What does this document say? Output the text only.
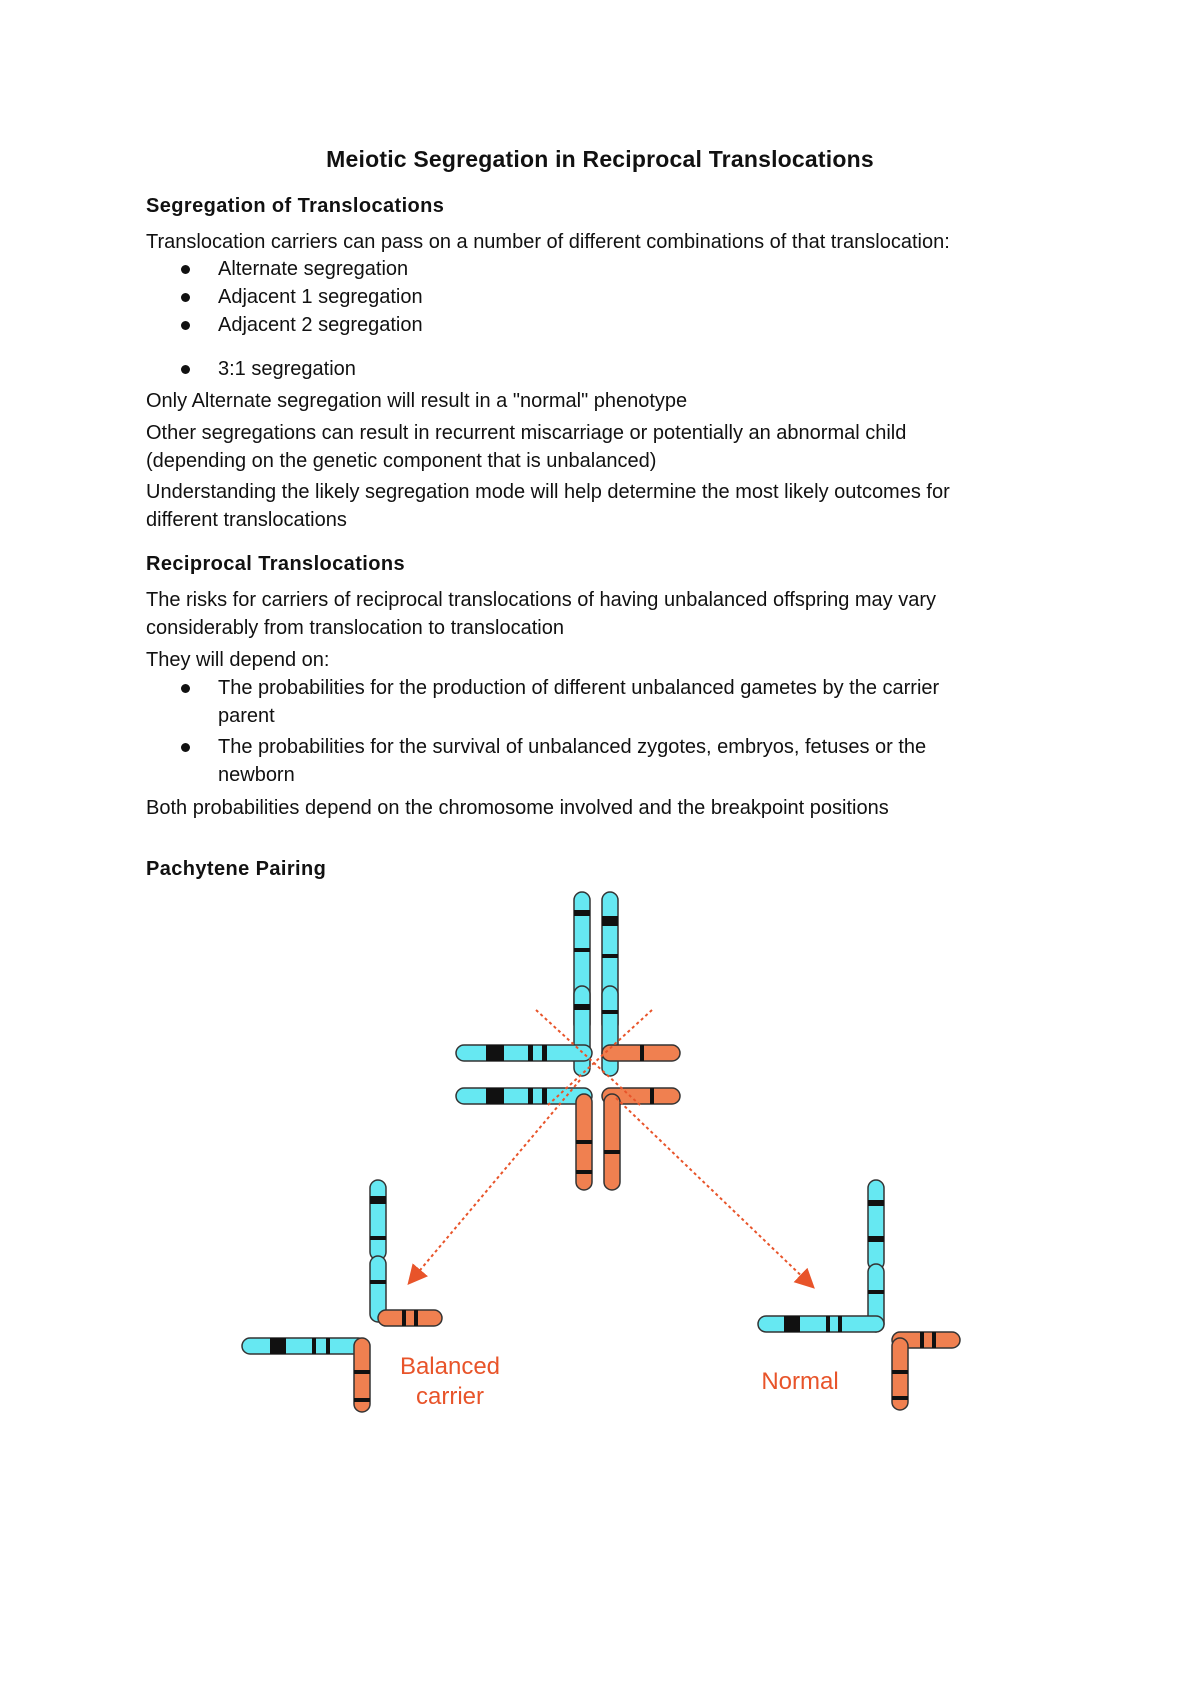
Meiotic Segregation in Reciprocal Translocations
Segregation of Translocations
Translocation carriers can pass on a number of different combinations of that translocation:
Alternate segregation
Adjacent 1 segregation
Adjacent 2 segregation
3:1 segregation
Only Alternate segregation will result in a "normal" phenotype
Other segregations can result in recurrent miscarriage or potentially an abnormal child
(depending on the genetic component that is unbalanced)
Understanding the likely segregation mode will help determine the most likely outcomes for
different translocations
Reciprocal Translocations
The risks for carriers of reciprocal translocations of having unbalanced offspring may vary
considerably from translocation to translocation
They will depend on:
The probabilities for the production of different unbalanced gametes by the carrier
parent
The probabilities for the survival of unbalanced zygotes, embryos, fetuses or the
newborn
Both probabilities depend on the chromosome involved and the breakpoint positions
Pachytene Pairing
Balanced
carrier
Normal
